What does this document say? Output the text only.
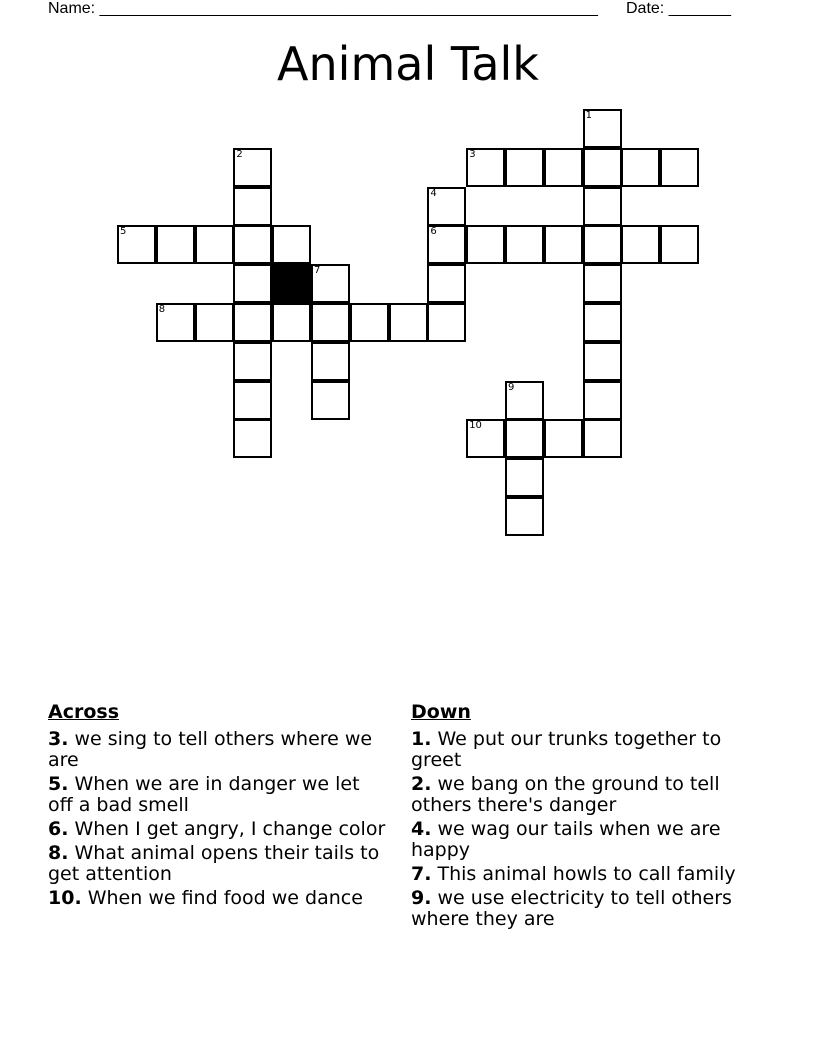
Name: ________________________________________________________ Date: _______
Animal Talk
1
2	3
4
5	6
7
8
9
10
Across
3. we sing to tell others where we are
5. When we are in danger we let off a bad smell
6. When I get angry, I change color
8. What animal opens their tails to get attention
10. When we find food we dance
Down
1. We put our trunks together to greet
2. we bang on the ground to tell others there's danger
4. we wag our tails when we are happy
7. This animal howls to call family
9. we use electricity to tell others where they are
